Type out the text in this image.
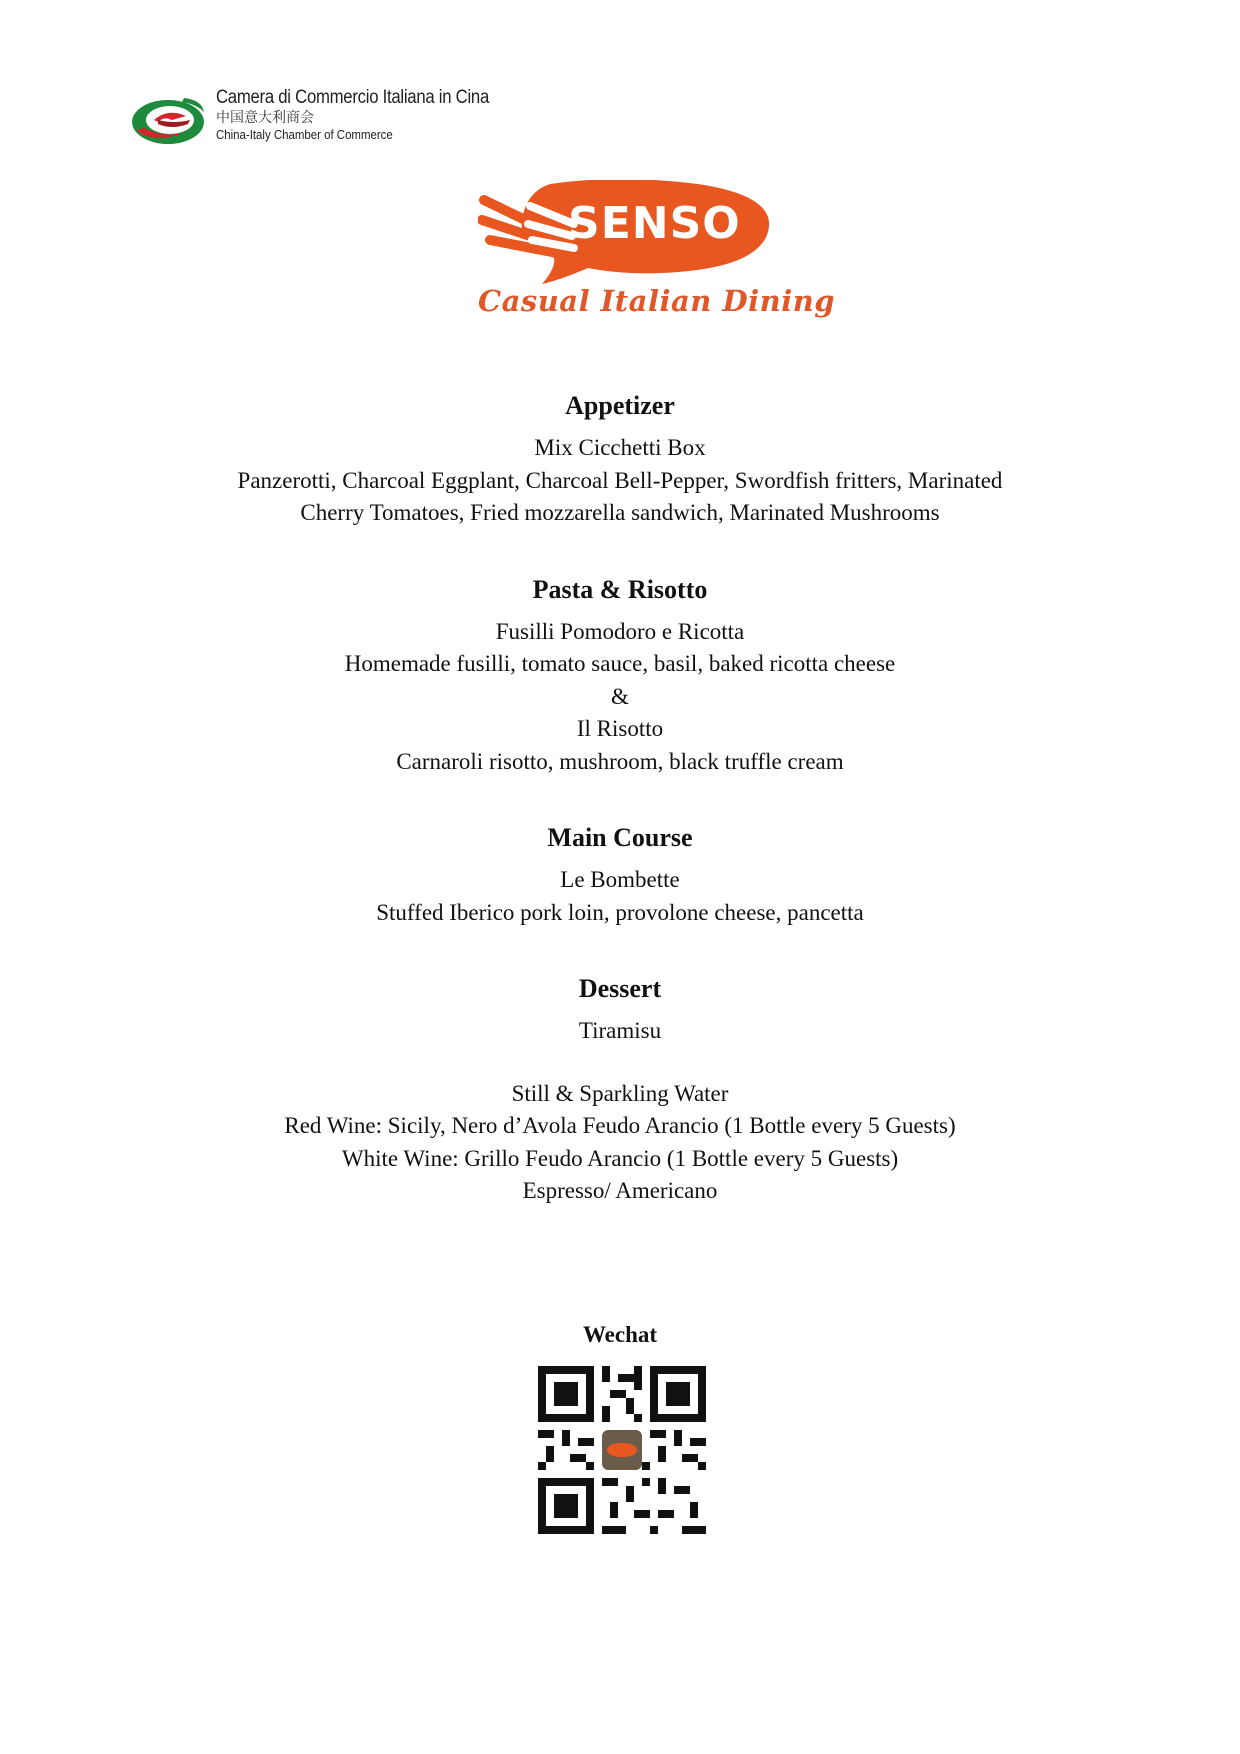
Camera di Commercio Italiana in Cina
中国意大利商会
China-Italy Chamber of Commerce
SENSO
Casual Italian Dining
Appetizer

Mix Cicchetti Box

Panzerotti, Charcoal Eggplant, Charcoal Bell-Pepper, Swordfish fritters, Marinated

Cherry Tomatoes, Fried mozzarella sandwich, Marinated Mushrooms

Pasta & Risotto

Fusilli Pomodoro e Ricotta

Homemade fusilli, tomato sauce, basil, baked ricotta cheese

&

Il Risotto

Carnaroli risotto, mushroom, black truffle cream

Main Course

Le Bombette

Stuffed Iberico pork loin, provolone cheese, pancetta

Dessert

Tiramisu

Still & Sparkling Water

Red Wine: Sicily, Nero d’Avola Feudo Arancio (1 Bottle every 5 Guests)

White Wine: Grillo Feudo Arancio (1 Bottle every 5 Guests)

Espresso/ Americano

Wechat
